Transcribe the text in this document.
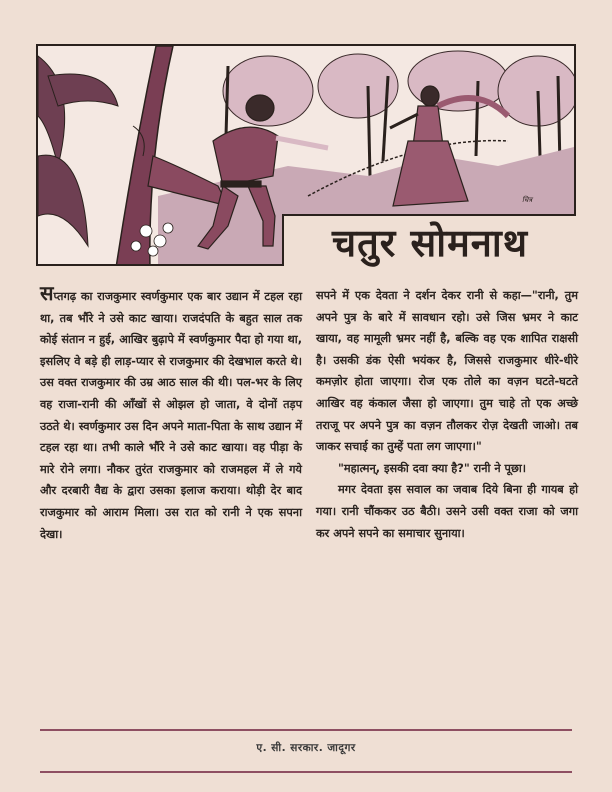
चित्र
चतुर सोमनाथ

सप्तगढ़ का राजकुमार स्वर्णकुमार एक बार उद्यान में टहल रहा था, तब भौंरे ने उसे काट खाया। राजदंपति के बहुत साल तक कोई संतान न हुई, आखिर बुढ़ापे में स्वर्णकुमार पैदा हो गया था, इसलिए वे बड़े ही लाड़-प्यार से राजकुमार की देखभाल करते थे। उस वक्त राजकुमार की उम्र आठ साल की थी। पल-भर के लिए वह राजा-रानी की आँखों से ओझल हो जाता, वे दोनों तड़प उठते थे। स्वर्णकुमार उस दिन अपने माता-पिता के साथ उद्यान में टहल रहा था। तभी काले भौंरे ने उसे काट खाया। वह पीड़ा के मारे रोने लगा। नौकर तुरंत राजकुमार को राजमहल में ले गये और दरबारी वैद्य के द्वारा उसका इलाज कराया। थोड़ी देर बाद राजकुमार को आराम मिला। उस रात को रानी ने एक सपना देखा।

सपने में एक देवता ने दर्शन देकर रानी से कहा—"रानी, तुम अपने पुत्र के बारे में सावधान रहो। उसे जिस भ्रमर ने काट खाया, वह मामूली भ्रमर नहीं है, बल्कि वह एक शापित राक्षसी है। उसकी डंक ऐसी भयंकर है, जिससे राजकुमार धीरे-धीरे कमज़ोर होता जाएगा। रोज एक तोले का वज़न घटते-घटते आखिर वह कंकाल जैसा हो जाएगा। तुम चाहे तो एक अच्छे तराजू पर अपने पुत्र का वज़न तौलकर रोज़ देखती जाओ। तब जाकर सचाई का तुम्हें पता लग जाएगा।"

"महात्मन्, इसकी दवा क्या है?" रानी ने पूछा।

मगर देवता इस सवाल का जवाब दिये बिना ही गायब हो गया। रानी चौंककर उठ बैठी। उसने उसी वक्त राजा को जगा कर अपने सपने का समाचार सुनाया।

ए. सी. सरकार. जादूगर
